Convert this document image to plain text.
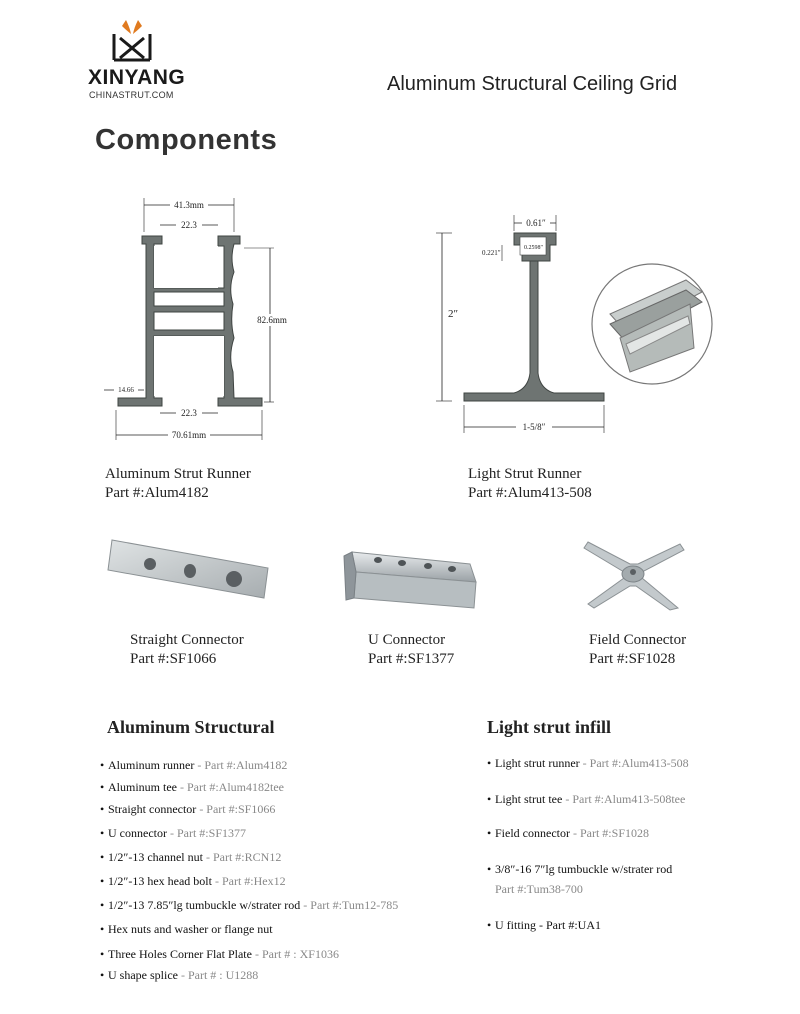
XINYANG
CHINASTRUT.COM	Aluminum Structural Ceiling Grid
Components
41.3mm
22.3
82.6mm
14.66
22.3
70.61mm
0.61″
0.221″
0.2598″
2″
1-5/8″
Aluminum Strut Runner
Part #:Alum4182
Light Strut Runner
Part #:Alum413-508
Straight Connector
Part #:SF1066
U Connector
Part #:SF1377
Field Connector
Part #:SF1028
Aluminum Structural
• Aluminum runner - Part #:Alum4182
• Aluminum tee - Part #:Alum4182tee
• Straight connector - Part #:SF1066
• U connector - Part #:SF1377
• 1/2″-13 channel nut - Part #:RCN12
• 1/2″-13 hex head bolt - Part #:Hex12
• 1/2″-13 7.85″lg tumbuckle w/strater rod - Part #:Tum12-785
• Hex nuts and washer or flange nut
• Three Holes Corner Flat Plate - Part # : XF1036
• U shape splice - Part # : U1288
Light strut infill
• Light strut runner - Part #:Alum413-508
• Light strut tee - Part #:Alum413-508tee
• Field connector - Part #:SF1028
• 3/8″-16 7″lg tumbuckle w/strater rod
Part #:Tum38-700
• U fitting - Part #:UA1
